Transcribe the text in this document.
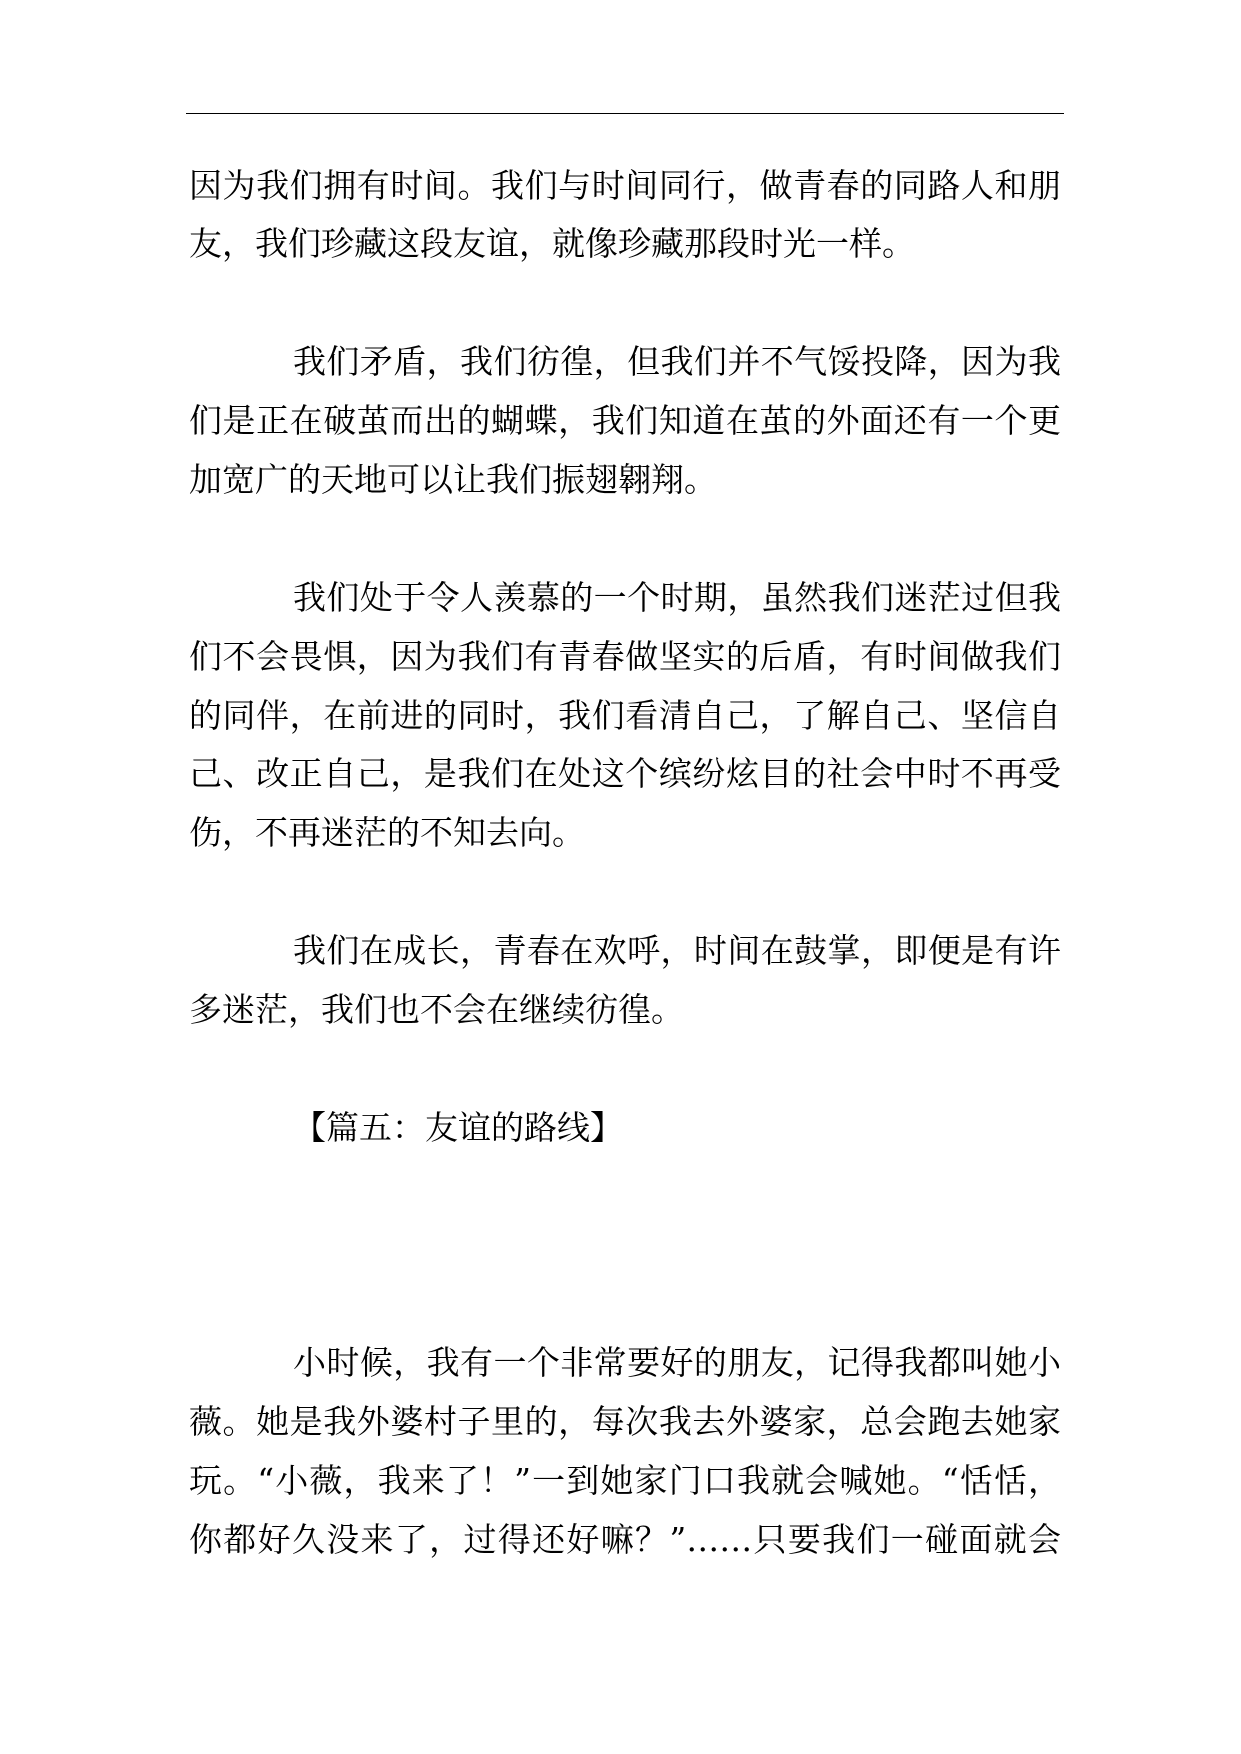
因为我们拥有时间。我们与时间同行，做青春的同路人和朋
友，我们珍藏这段友谊，就像珍藏那段时光一样。
我们矛盾，我们彷徨，但我们并不气馁投降，因为我
们是正在破茧而出的蝴蝶，我们知道在茧的外面还有一个更
加宽广的天地可以让我们振翅翱翔。
我们处于令人羡慕的一个时期，虽然我们迷茫过但我
们不会畏惧，因为我们有青春做坚实的后盾，有时间做我们
的同伴，在前进的同时，我们看清自己，了解自己、坚信自
己、改正自己，是我们在处这个缤纷炫目的社会中时不再受
伤，不再迷茫的不知去向。
我们在成长，青春在欢呼，时间在鼓掌，即便是有许
多迷茫，我们也不会在继续彷徨。
【篇五：友谊的路线】
小时候，我有一个非常要好的朋友，记得我都叫她小
薇。她是我外婆村子里的，每次我去外婆家，总会跑去她家
玩。“小薇，我来了！”一到她家门口我就会喊她。“恬恬，
你都好久没来了，过得还好嘛？”……只要我们一碰面就会
